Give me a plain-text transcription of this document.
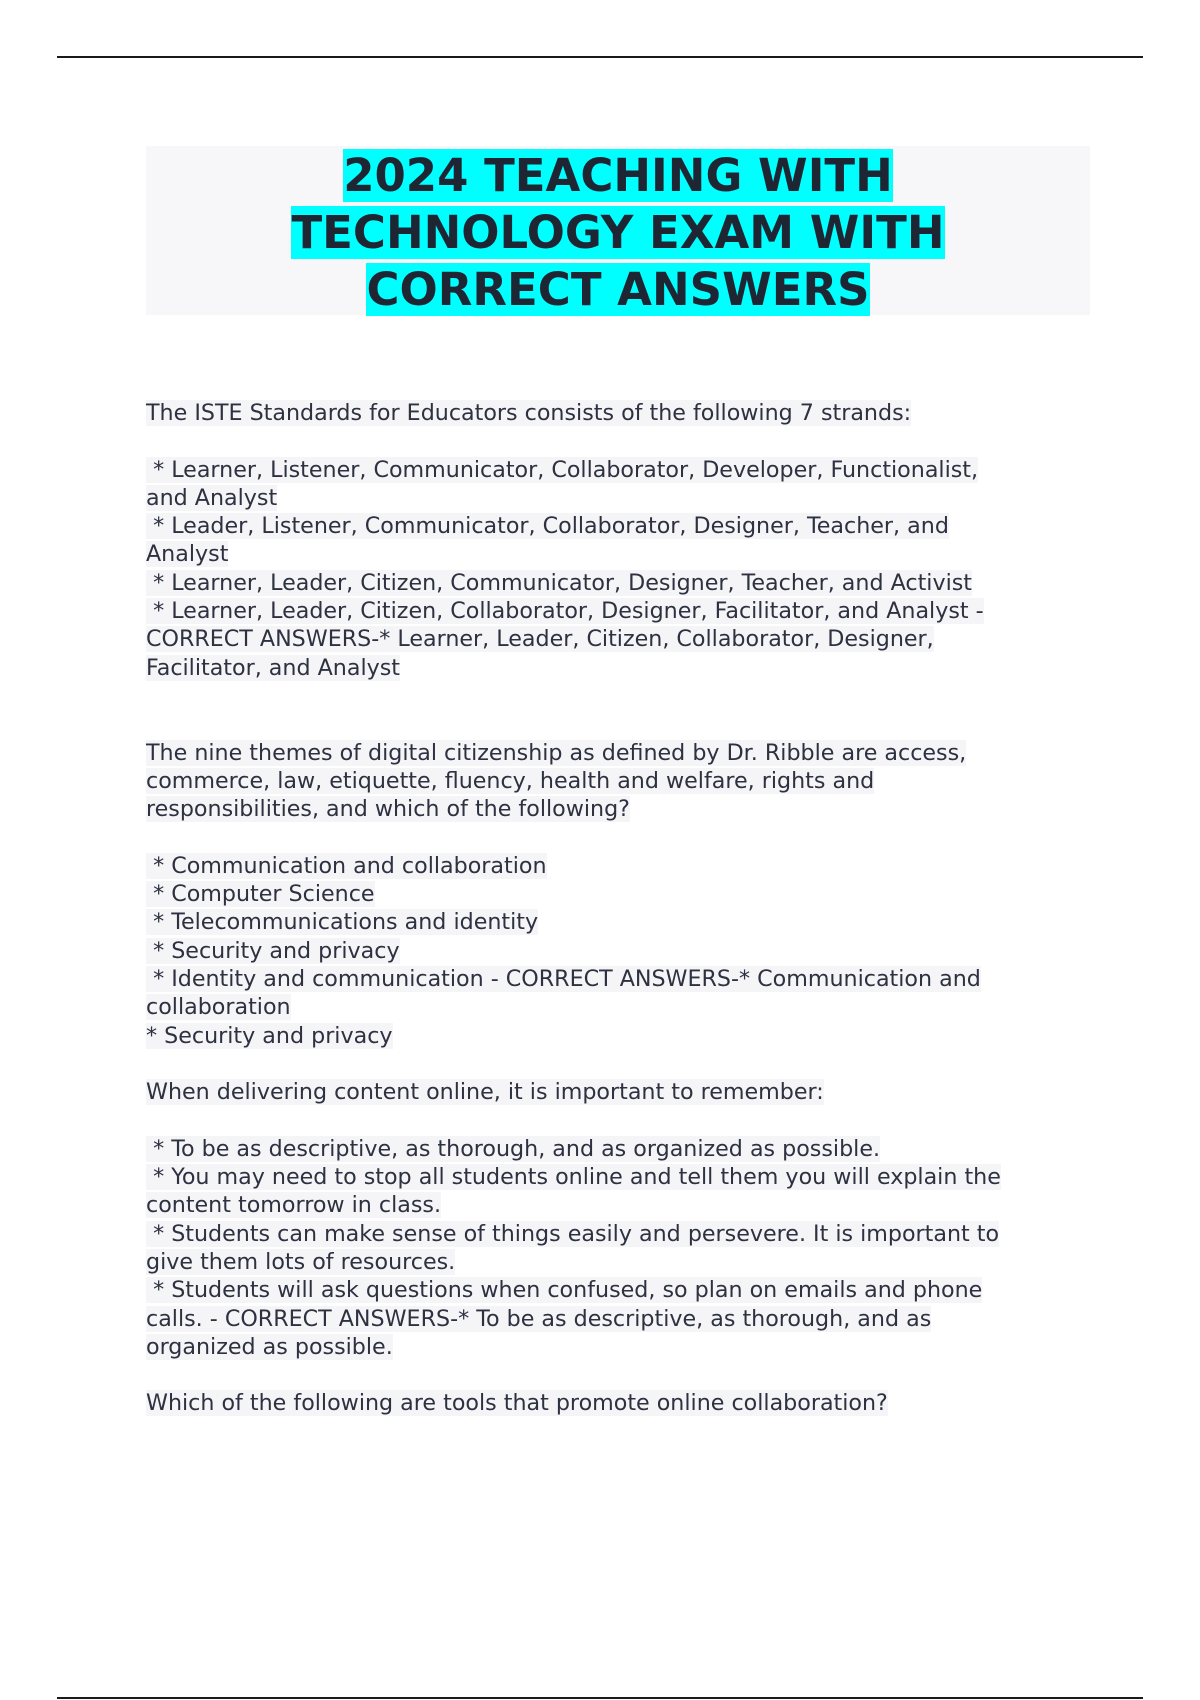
2024 TEACHING WITH
TECHNOLOGY EXAM WITH
CORRECT ANSWERS

The ISTE Standards for Educators consists of the following 7 strands:

* Learner, Listener, Communicator, Collaborator, Developer, Functionalist,
and Analyst
* Leader, Listener, Communicator, Collaborator, Designer, Teacher, and
Analyst
* Learner, Leader, Citizen, Communicator, Designer, Teacher, and Activist
* Learner, Leader, Citizen, Collaborator, Designer, Facilitator, and Analyst -
CORRECT ANSWERS-* Learner, Leader, Citizen, Collaborator, Designer,
Facilitator, and Analyst

The nine themes of digital citizenship as defined by Dr. Ribble are access,
commerce, law, etiquette, fluency, health and welfare, rights and
responsibilities, and which of the following?

* Communication and collaboration
* Computer Science
* Telecommunications and identity
* Security and privacy
* Identity and communication - CORRECT ANSWERS-* Communication and
collaboration
* Security and privacy

When delivering content online, it is important to remember:

* To be as descriptive, as thorough, and as organized as possible.
* You may need to stop all students online and tell them you will explain the
content tomorrow in class.
* Students can make sense of things easily and persevere. It is important to
give them lots of resources.
* Students will ask questions when confused, so plan on emails and phone
calls. - CORRECT ANSWERS-* To be as descriptive, as thorough, and as
organized as possible.

Which of the following are tools that promote online collaboration?
